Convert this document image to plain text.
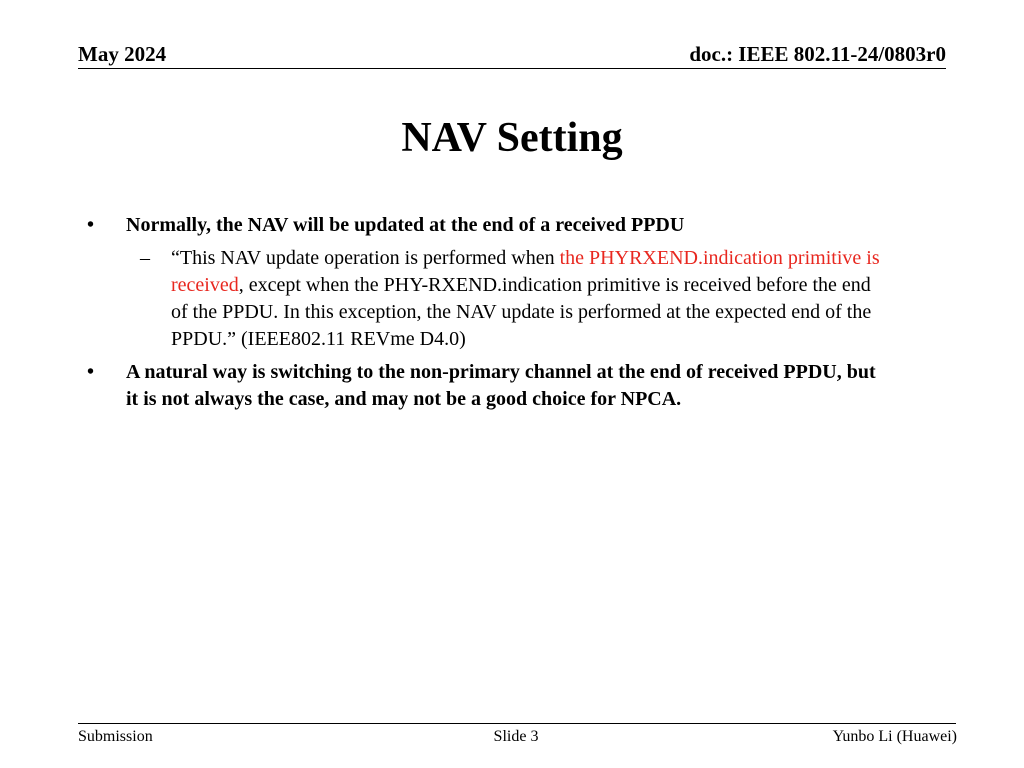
May 2024	doc.: IEEE 802.11-24/0803r0
NAV Setting
• Normally, the NAV will be updated at the end of a received PPDU
– “This NAV update operation is performed when the PHYRXEND.indication primitive is received, except when the PHY-RXEND.indication primitive is received before the end of the PPDU. In this exception, the NAV update is performed at the expected end of the PPDU.” (IEEE802.11 REVme D4.0)
• A natural way is switching to the non-primary channel at the end of received PPDU, but it is not always the case, and may not be a good choice for NPCA.
Submission	Slide 3	Yunbo Li (Huawei)
